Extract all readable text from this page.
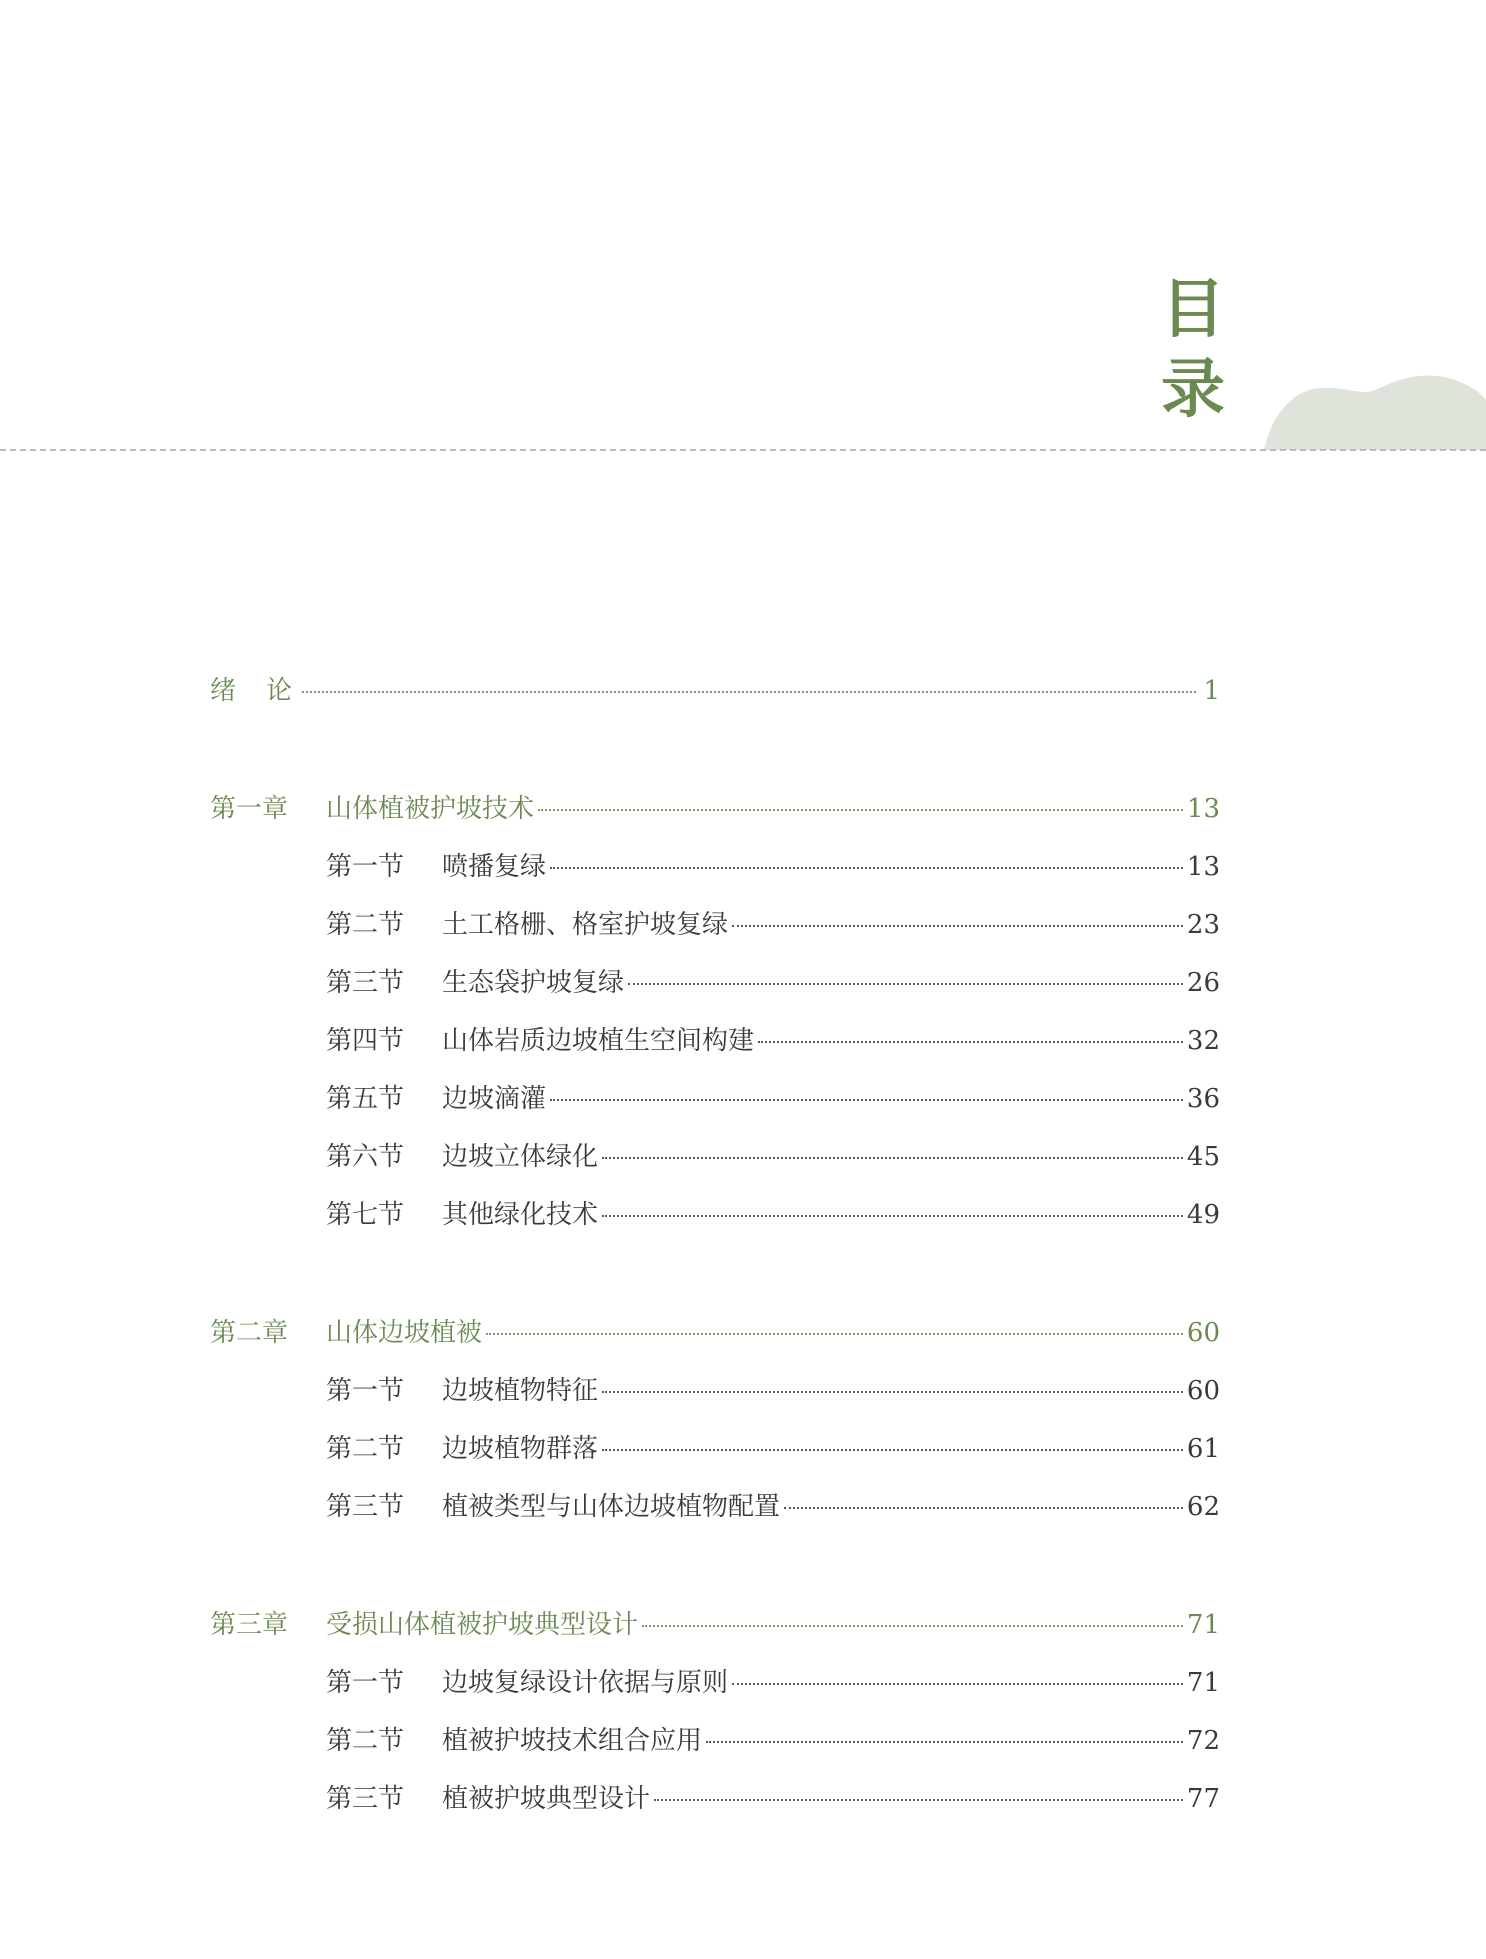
目
录
绪论	1
第一章	山体植被护坡技术	13
第一节	喷播复绿	13
第二节	土工格栅、格室护坡复绿	23
第三节	生态袋护坡复绿	26
第四节	山体岩质边坡植生空间构建	32
第五节	边坡滴灌	36
第六节	边坡立体绿化	45
第七节	其他绿化技术	49
第二章	山体边坡植被	60
第一节	边坡植物特征	60
第二节	边坡植物群落	61
第三节	植被类型与山体边坡植物配置	62
第三章	受损山体植被护坡典型设计	71
第一节	边坡复绿设计依据与原则	71
第二节	植被护坡技术组合应用	72
第三节	植被护坡典型设计	77
